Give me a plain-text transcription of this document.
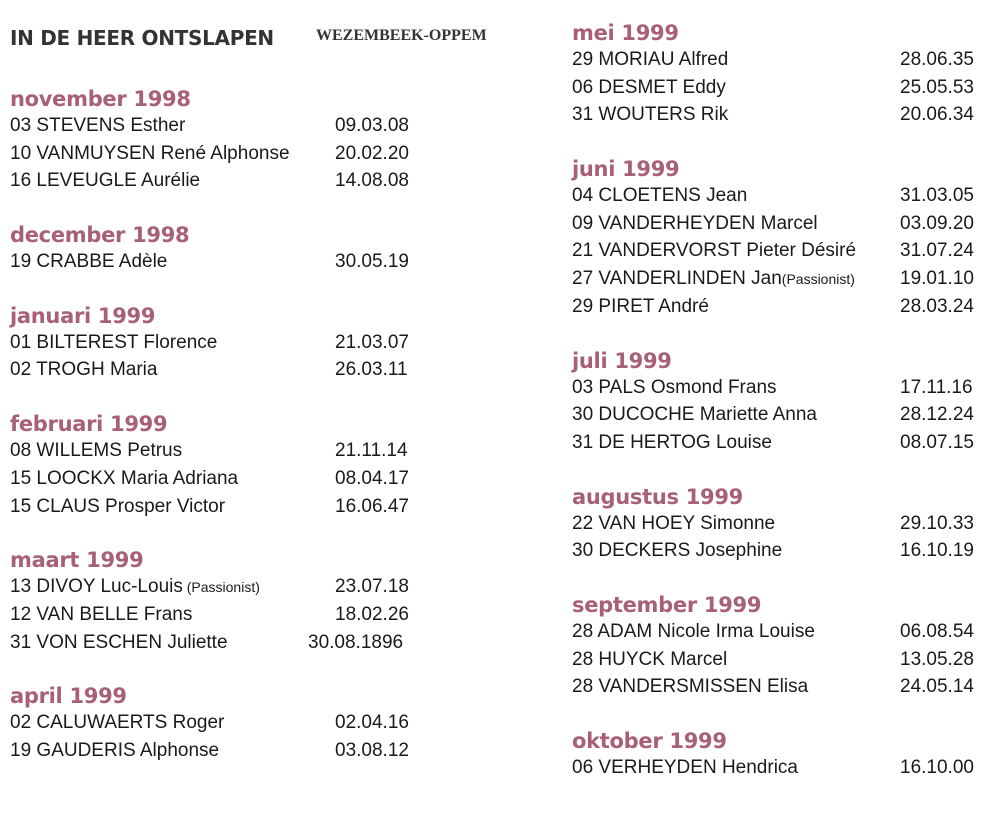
IN DE HEER ONTSLAPEN	WEZEMBEEK-OPPEM
november 1998
03 STEVENS Esther	09.03.08
10 VANMUYSEN René Alphonse 20.02.20
16 LEVEUGLE Aurélie	14.08.08
december 1998
19 CRABBE Adèle	30.05.19
januari 1999
01 BILTEREST Florence	21.03.07
02 TROGH Maria	26.03.11
februari 1999
08 WILLEMS Petrus	21.11.14
15 LOOCKX Maria Adriana	08.04.17
15 CLAUS Prosper Victor	16.06.47
maart 1999
13 DIVOY Luc-Louis (Passionist)	23.07.18
12 VAN BELLE Frans	18.02.26
31 VON ESCHEN Juliette	30.08.1896
april 1999
02 CALUWAERTS Roger	02.04.16
19 GAUDERIS Alphonse	03.08.12
mei 1999
29 MORIAU Alfred	28.06.35
06 DESMET Eddy	25.05.53
31 WOUTERS Rik	20.06.34
juni 1999
04 CLOETENS Jean	31.03.05
09 VANDERHEYDEN Marcel	03.09.20
21 VANDERVORST Pieter Désiré 31.07.24
27 VANDERLINDEN Jan(Passionist) 19.01.10
29 PIRET André	28.03.24
juli 1999
03 PALS Osmond Frans	17.11.16
30 DUCOCHE Mariette Anna	28.12.24
31 DE HERTOG Louise	08.07.15
augustus 1999
22 VAN HOEY Simonne	29.10.33
30 DECKERS Josephine	16.10.19
september 1999
28 ADAM Nicole Irma Louise	06.08.54
28 HUYCK Marcel	13.05.28
28 VANDERSMISSEN Elisa	24.05.14
oktober 1999
06 VERHEYDEN Hendrica	16.10.00
